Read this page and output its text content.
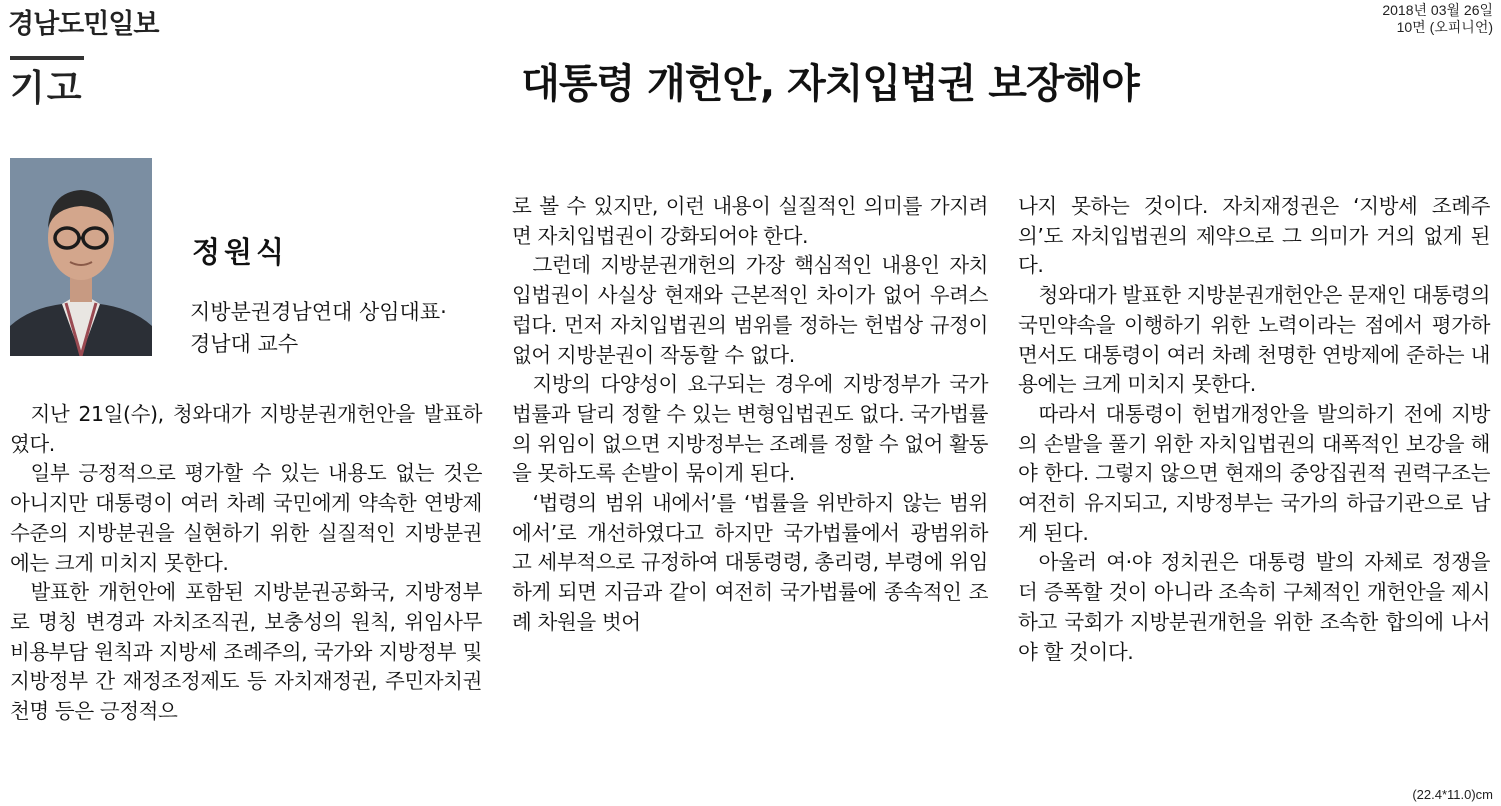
경남도민일보	2018년 03월 26일
10면 (오피니언)
기고	대통령 개헌안, 자치입법권 보장해야
정원식
지방분권경남연대 상임대표·
경남대 교수

지난 21일(수), 청와대가 지방분권개헌안을 발표하였다.

일부 긍정적으로 평가할 수 있는 내용도 없는 것은 아니지만 대통령이 여러 차례 국민에게 약속한 연방제 수준의 지방분권을 실현하기 위한 실질적인 지방분권에는 크게 미치지 못한다.

발표한 개헌안에 포함된 지방분권공화국, 지방정부로 명칭 변경과 자치조직권, 보충성의 원칙, 위임사무 비용부담 원칙과 지방세 조례주의, 국가와 지방정부 및 지방정부 간 재정조정제도 등 자치재정권, 주민자치권 천명 등은 긍정적으

로 볼 수 있지만, 이런 내용이 실질적인 의미를 가지려면 자치입법권이 강화되어야 한다.

그런데 지방분권개헌의 가장 핵심적인 내용인 자치입법권이 사실상 현재와 근본적인 차이가 없어 우려스럽다. 먼저 자치입법권의 범위를 정하는 헌법상 규정이 없어 지방분권이 작동할 수 없다.

지방의 다양성이 요구되는 경우에 지방정부가 국가법률과 달리 정할 수 있는 변형입법권도 없다. 국가법률의 위임이 없으면 지방정부는 조례를 정할 수 없어 활동을 못하도록 손발이 묶이게 된다.

‘법령의 범위 내에서’를 ‘법률을 위반하지 않는 범위에서’로 개선하였다고 하지만 국가법률에서 광범위하고 세부적으로 규정하여 대통령령, 총리령, 부령에 위임하게 되면 지금과 같이 여전히 국가법률에 종속적인 조례 차원을 벗어

나지 못하는 것이다. 자치재정권은 ‘지방세 조례주의’도 자치입법권의 제약으로 그 의미가 거의 없게 된다.

청와대가 발표한 지방분권개헌안은 문재인 대통령의 국민약속을 이행하기 위한 노력이라는 점에서 평가하면서도 대통령이 여러 차례 천명한 연방제에 준하는 내용에는 크게 미치지 못한다.

따라서 대통령이 헌법개정안을 발의하기 전에 지방의 손발을 풀기 위한 자치입법권의 대폭적인 보강을 해야 한다. 그렇지 않으면 현재의 중앙집권적 권력구조는 여전히 유지되고, 지방정부는 국가의 하급기관으로 남게 된다.

아울러 여·야 정치권은 대통령 발의 자체로 정쟁을 더 증폭할 것이 아니라 조속히 구체적인 개헌안을 제시하고 국회가 지방분권개헌을 위한 조속한 합의에 나서야 할 것이다.

(22.4*11.0)cm
